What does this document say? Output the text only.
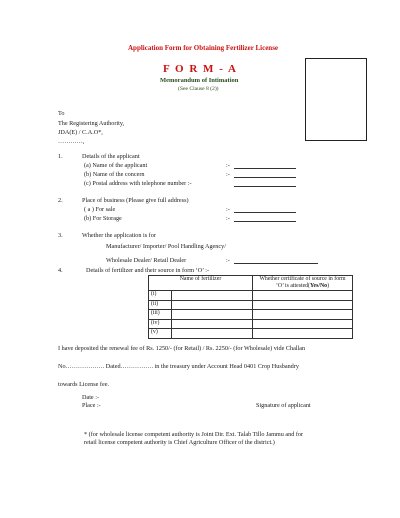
Application Form for Obtaining Fertilizer License
F O R M - A
Memorandum of Intimation
(See Clause 8 (2))
To
The Registering Authority,
JDA(E) / C.A.O*,
…………,
1.	Details of the applicant
(a) Name of the applicant	:-
(b) Name of the concern	:-
(c) Postal address with telephone number :-
2.	Place of business (Please give full address)
( a ) For sale	:-
(b) For Storage	:-
3.	Whether the application is for
Manufacturer/ Importer/ Pool Handling Agency/
Wholesale Dealer/ Retail Dealer	:-
4.	Details of fertilizer and their source in form ‘O’ :-
Name of fertilizer		Whether certificate of source in form
‘O’ is attested(Yes/No)
(i)		
(ii)		
(iii)		
(iv)		
(v)		
I have deposited the renewal fee of Rs. 1250/- (for Retail) / Rs. 2250/- (for Wholesale) vide Challan
No………………. Dated……………. in the treasury under Account Head 0401 Crop Husbandry
towards License fee.
Date :-
Place :-	Signature of applicant
* (for wholesale license competent authority is Joint Dir. Ext. Talab Tillo Jammu and for
retail license competent authority is Chief Agriculture Officer of the district.)
